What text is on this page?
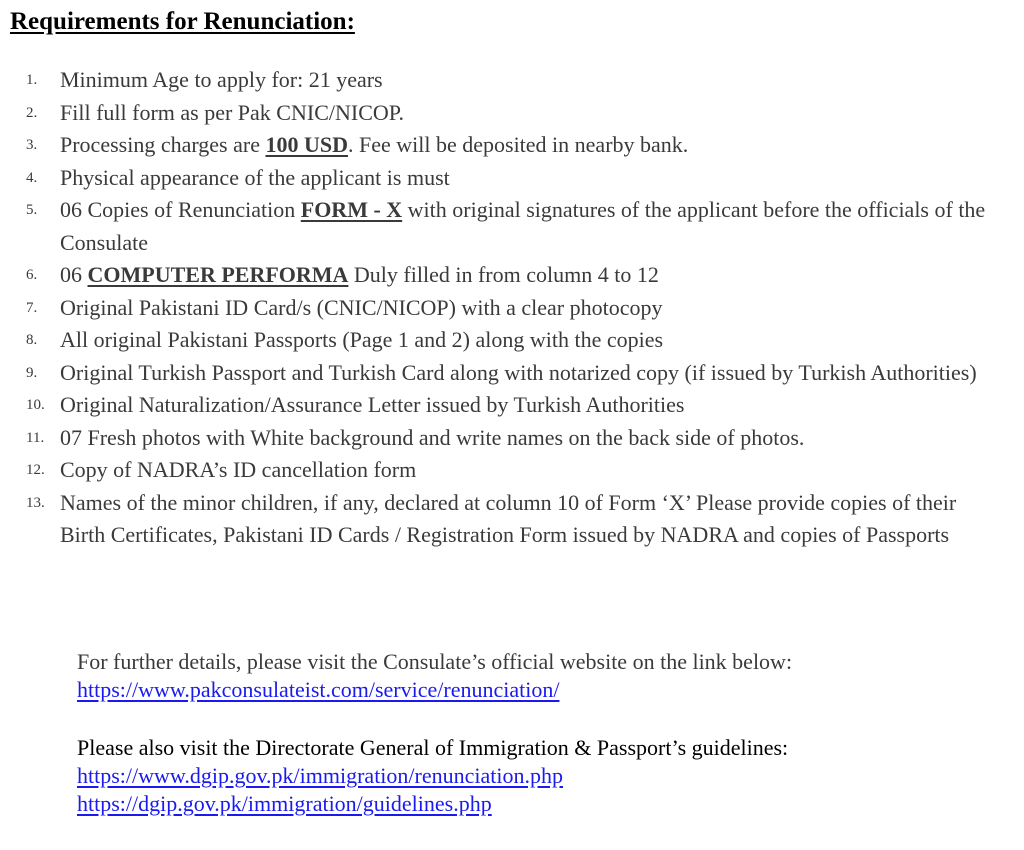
Requirements for Renunciation:
1. Minimum Age to apply for: 21 years
2. Fill full form as per Pak CNIC/NICOP.
3. Processing charges are 100 USD. Fee will be deposited in nearby bank.
4. Physical appearance of the applicant is must
5. 06 Copies of Renunciation FORM - X with original signatures of the applicant before the officials of the Consulate
6. 06 COMPUTER PERFORMA Duly filled in from column 4 to 12
7. Original Pakistani ID Card/s (CNIC/NICOP) with a clear photocopy
8. All original Pakistani Passports (Page 1 and 2) along with the copies
9. Original Turkish Passport and Turkish Card along with notarized copy (if issued by Turkish Authorities)
10. Original Naturalization/Assurance Letter issued by Turkish Authorities
11. 07 Fresh photos with White background and write names on the back side of photos.
12. Copy of NADRA’s ID cancellation form
13. Names of the minor children, if any, declared at column 10 of Form ‘X’ Please provide copies of their Birth Certificates, Pakistani ID Cards / Registration Form issued by NADRA and copies of Passports

For further details, please visit the Consulate’s official website on the link below:

https://www.pakconsulateist.com/service/renunciation/

Please also visit the Directorate General of Immigration & Passport’s guidelines:

https://www.dgip.gov.pk/immigration/renunciation.php
https://dgip.gov.pk/immigration/guidelines.php
